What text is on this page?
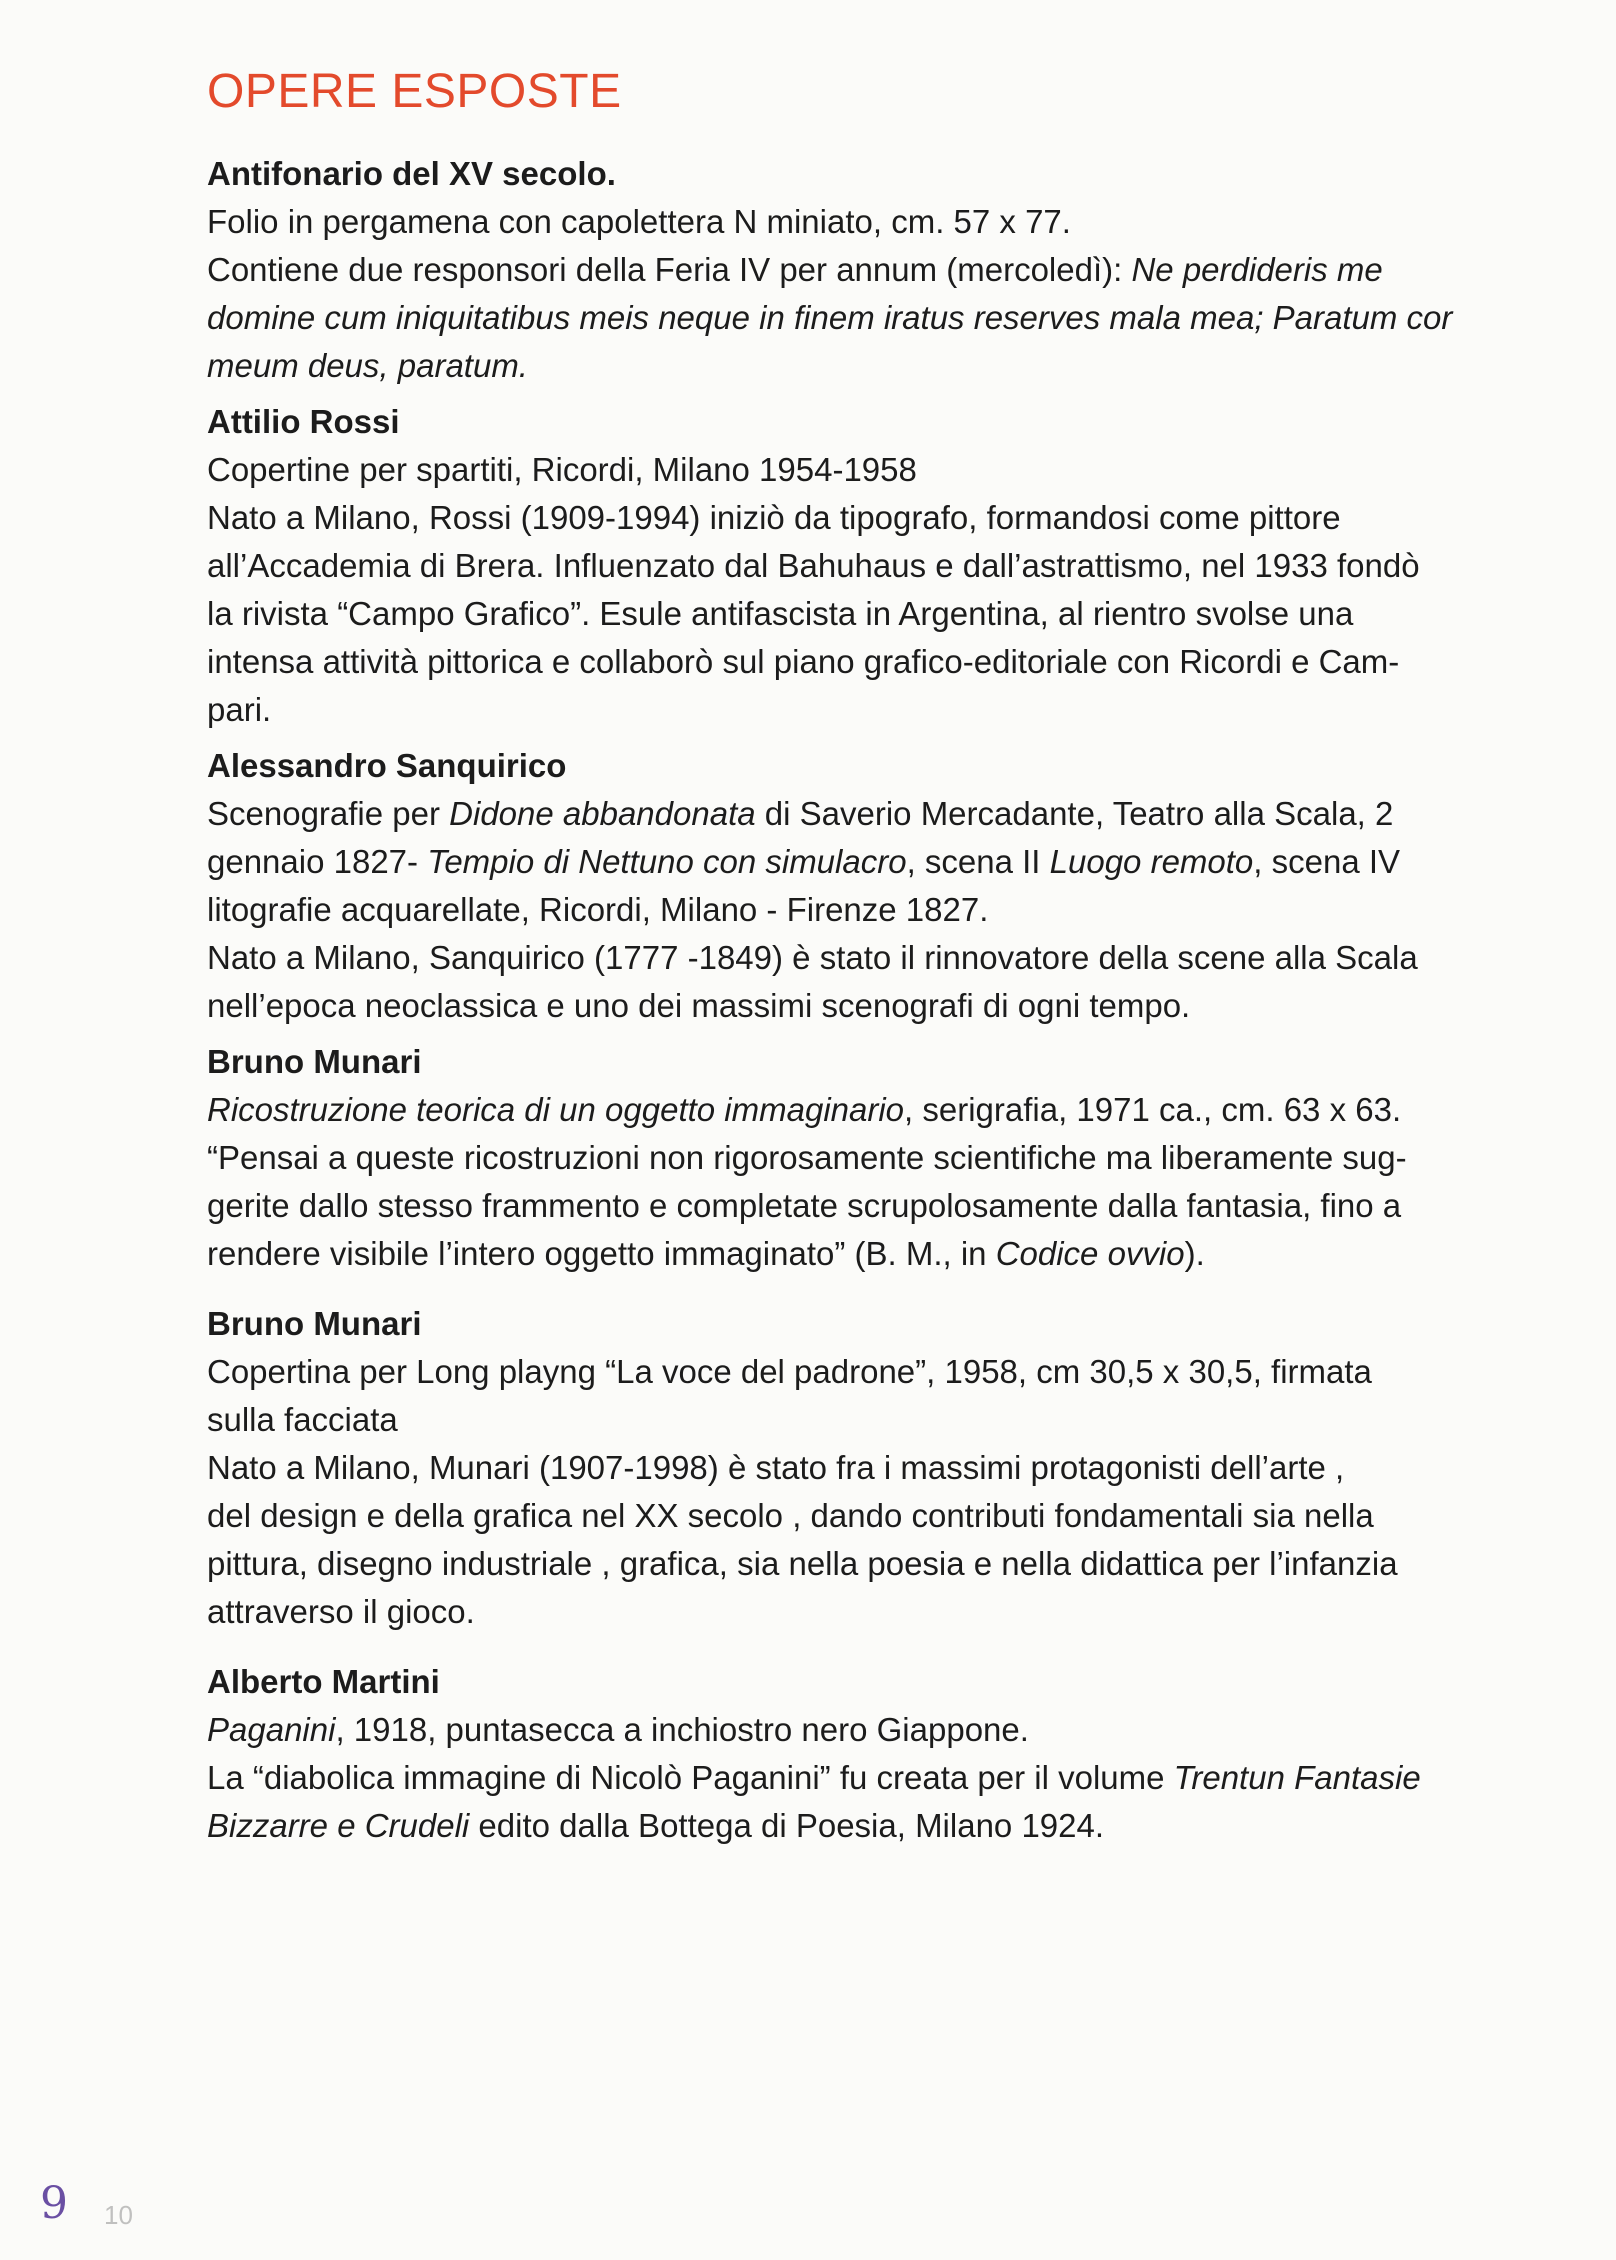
OPERE ESPOSTE

Antifonario del XV secolo.

Folio in pergamena con capolettera N miniato, cm. 57 x 77.

Contiene due responsori della Feria IV per annum (mercoledì): Ne perdideris me

domine cum iniquitatibus meis neque in finem iratus reserves mala mea; Paratum cor

meum deus, paratum.

Attilio Rossi

Copertine per spartiti, Ricordi, Milano 1954-1958

Nato a Milano, Rossi (1909-1994) iniziò da tipografo, formandosi come pittore

all’Accademia di Brera. Influenzato dal Bahuhaus e dall’astrattismo, nel 1933 fondò

la rivista “Campo Grafico”. Esule antifascista in Argentina, al rientro svolse una

intensa attività pittorica e collaborò sul piano grafico-editoriale con Ricordi e Cam-

pari.

Alessandro Sanquirico

Scenografie per Didone abbandonata di Saverio Mercadante, Teatro alla Scala, 2

gennaio 1827- Tempio di Nettuno con simulacro, scena II Luogo remoto, scena IV

litografie acquarellate, Ricordi, Milano - Firenze 1827.

Nato a Milano, Sanquirico (1777 -1849) è stato il rinnovatore della scene alla Scala

nell’epoca neoclassica e uno dei massimi scenografi di ogni tempo.

Bruno Munari

Ricostruzione teorica di un oggetto immaginario, serigrafia, 1971 ca., cm. 63 x 63.

“Pensai a queste ricostruzioni non rigorosamente scientifiche ma liberamente sug-

gerite dallo stesso frammento e completate scrupolosamente dalla fantasia, fino a

rendere visibile l’intero oggetto immaginato” (B. M., in Codice ovvio).

Bruno Munari

Copertina per Long playng “La voce del padrone”, 1958, cm 30,5 x 30,5, firmata

sulla facciata

Nato a Milano, Munari (1907-1998) è stato fra i massimi protagonisti dell’arte ,

del design e della grafica nel XX secolo , dando contributi fondamentali sia nella

pittura, disegno industriale , grafica, sia nella poesia e nella didattica per l’infanzia

attraverso il gioco.

Alberto Martini

Paganini, 1918, puntasecca a inchiostro nero Giappone.

La “diabolica immagine di Nicolò Paganini” fu creata per il volume Trentun Fantasie

Bizzarre e Crudeli edito dalla Bottega di Poesia, Milano 1924.

9 10
